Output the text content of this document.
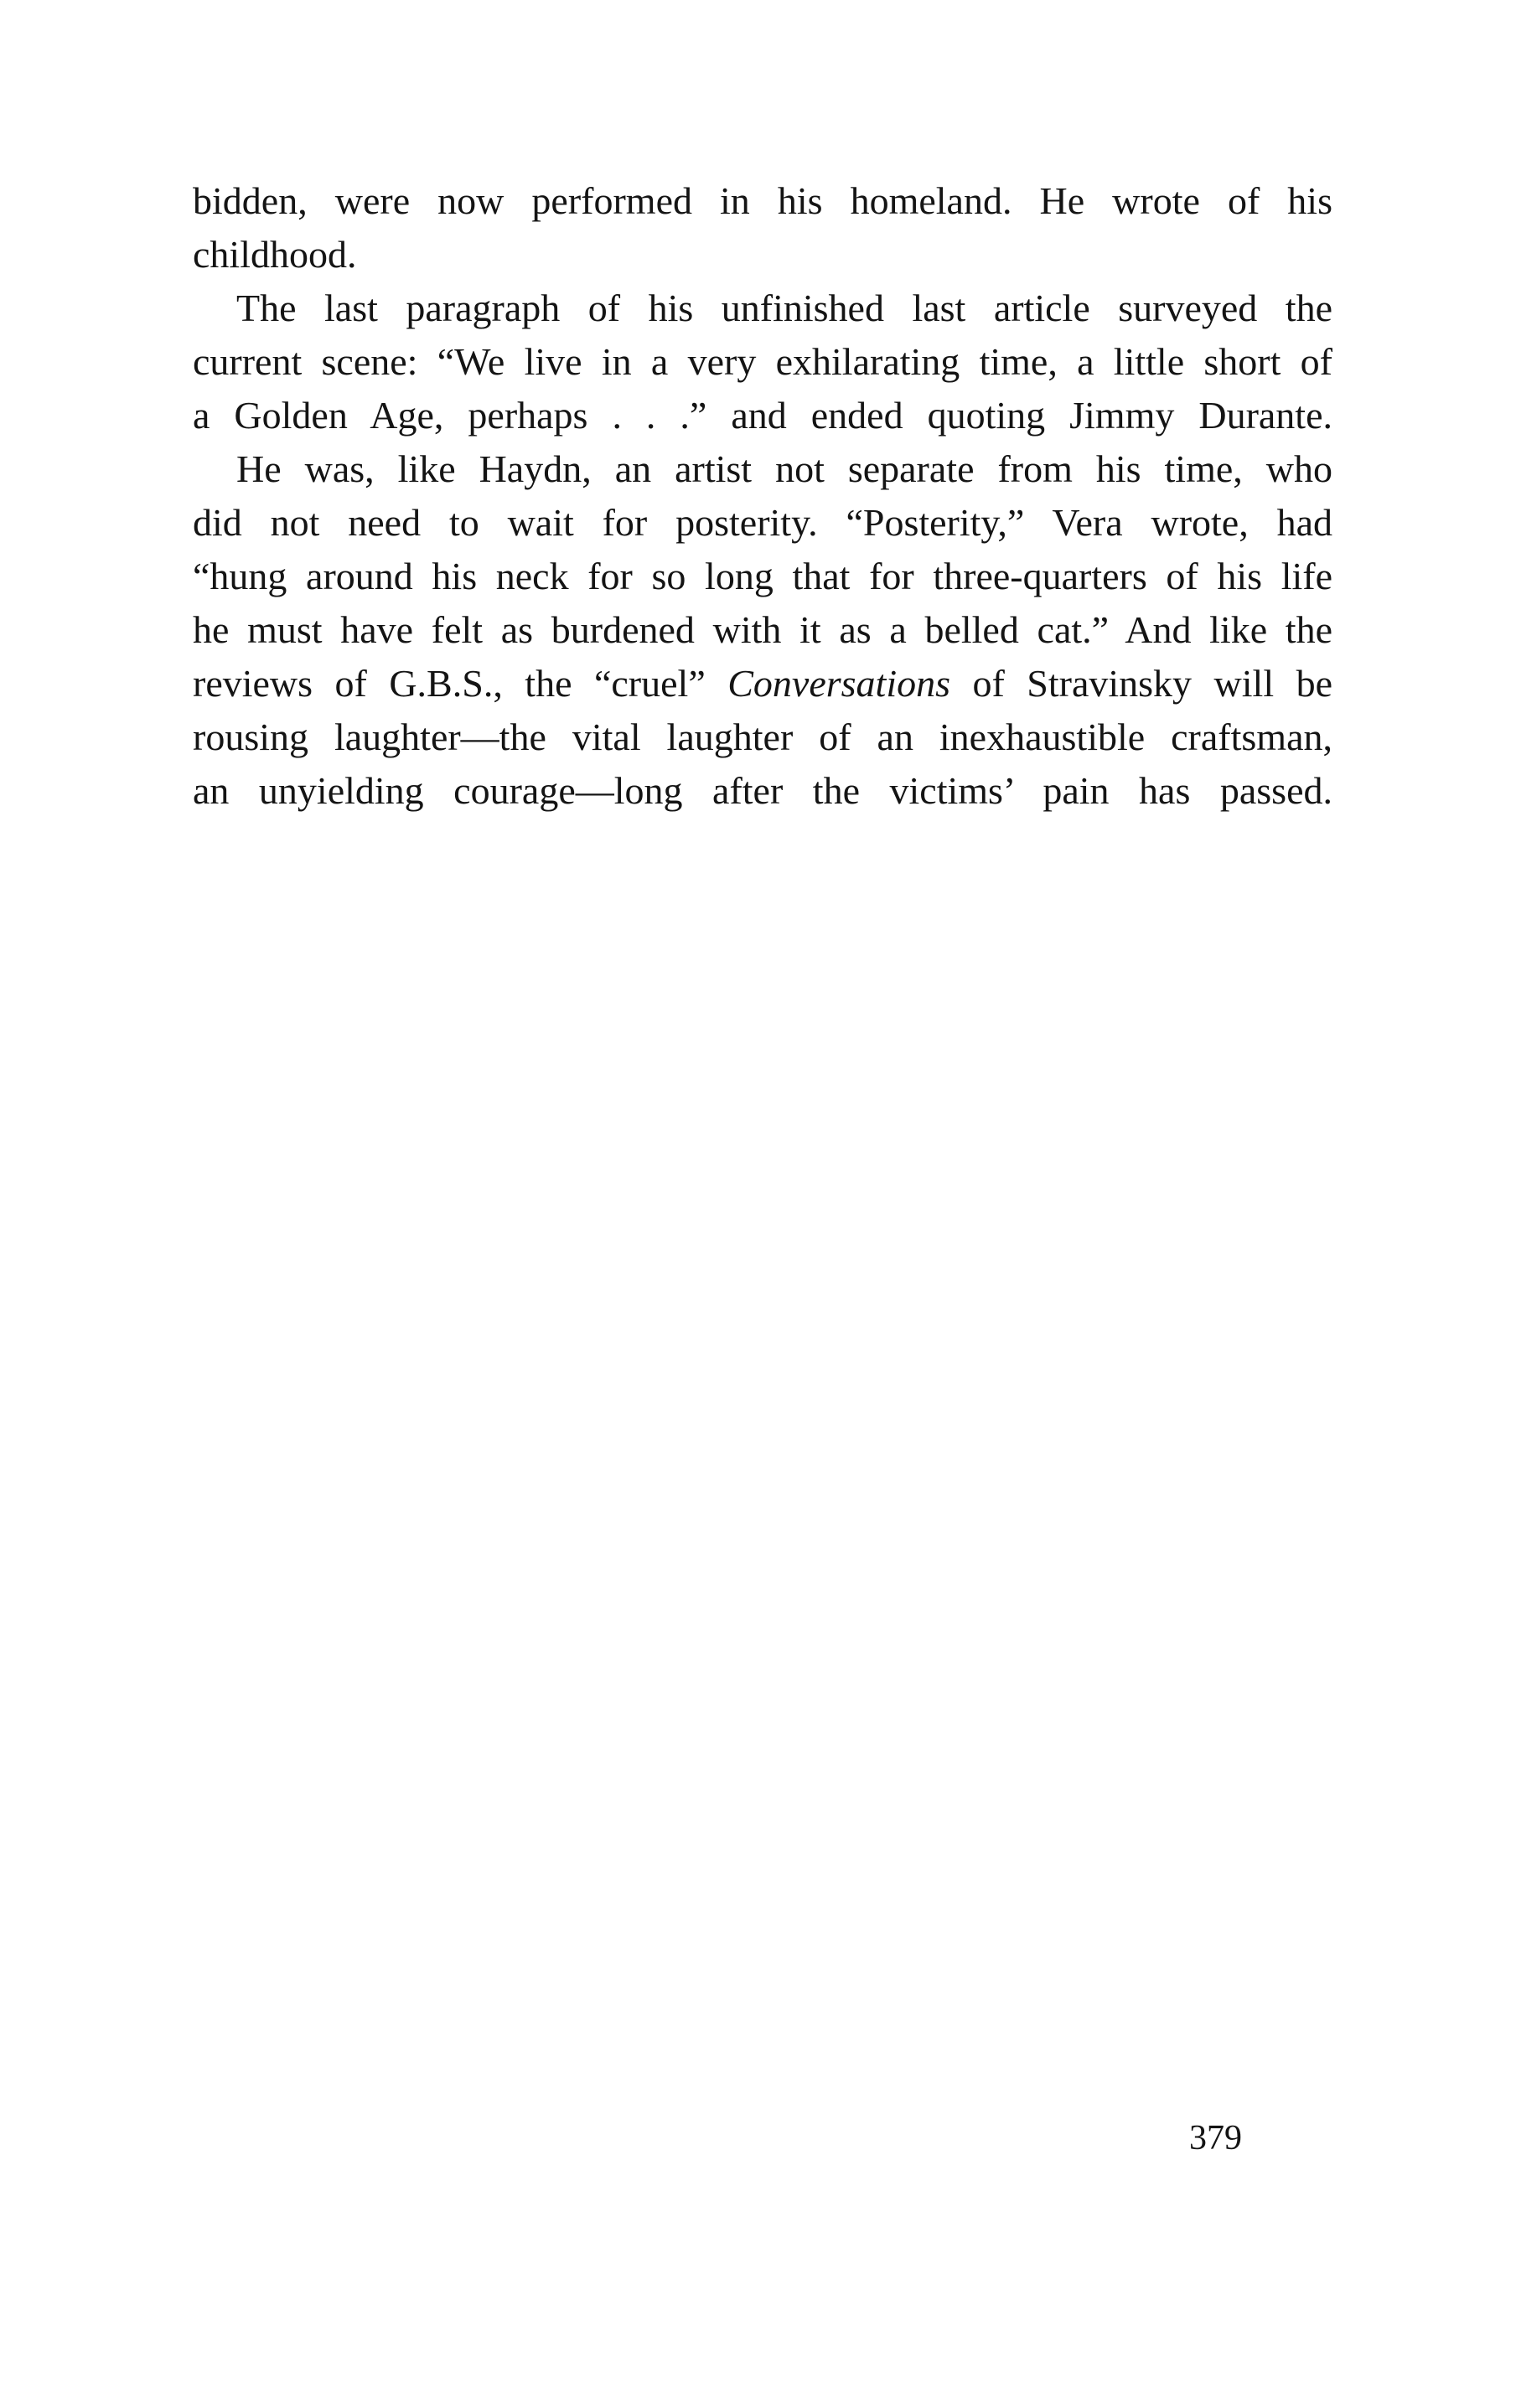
bidden, were now performed in his homeland. He wrote of his
childhood.
The last paragraph of his unfinished last article surveyed the
current scene: “We live in a very exhilarating time, a little short of
a Golden Age, perhaps . . .” and ended quoting Jimmy Durante.
He was, like Haydn, an artist not separate from his time, who
did not need to wait for posterity. “Posterity,” Vera wrote, had
“hung around his neck for so long that for three-quarters of his life
he must have felt as burdened with it as a belled cat.” And like the
reviews of G.B.S., the “cruel” Conversations of Stravinsky will be
rousing laughter—the vital laughter of an inexhaustible craftsman,
an unyielding courage—long after the victims’ pain has passed.
379
